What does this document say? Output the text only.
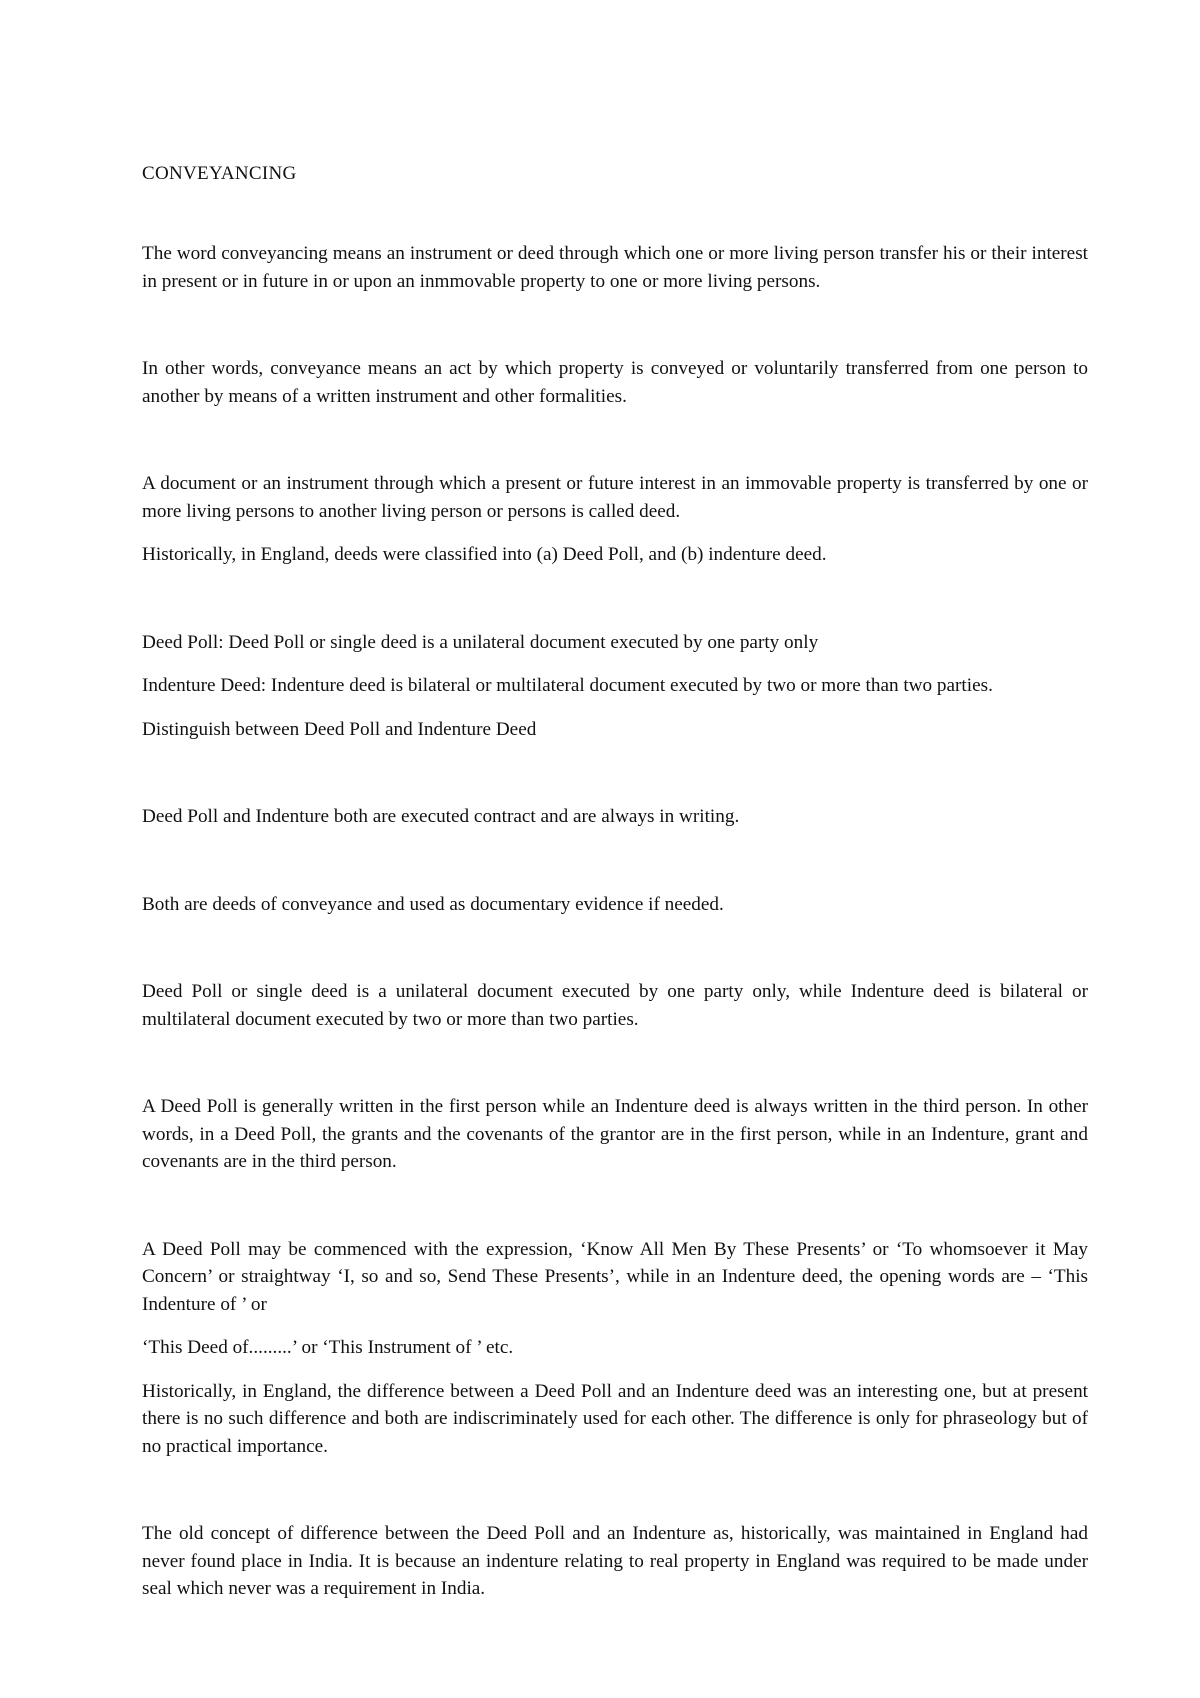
CONVEYANCING

The word conveyancing means an instrument or deed through which one or more living person transfer his or their interest in present or in future in or upon an inmmovable property to one or more living persons.

In other words, conveyance means an act by which property is conveyed or voluntarily transferred from one person to another by means of a written instrument and other formalities.

A document or an instrument through which a present or future interest in an immovable property is transferred by one or more living persons to another living person or persons is called deed.

Historically, in England, deeds were classified into (a) Deed Poll, and (b) indenture deed.

Deed Poll: Deed Poll or single deed is a unilateral document executed by one party only

Indenture Deed: Indenture deed is bilateral or multilateral document executed by two or more than two parties.

Distinguish between Deed Poll and Indenture Deed

Deed Poll and Indenture both are executed contract and are always in writing.

Both are deeds of conveyance and used as documentary evidence if needed.

Deed Poll or single deed is a unilateral document executed by one party only, while Indenture deed is bilateral or multilateral document executed by two or more than two parties.

A Deed Poll is generally written in the first person while an Indenture deed is always written in the third person. In other words, in a Deed Poll, the grants and the covenants of the grantor are in the first person, while in an Indenture, grant and covenants are in the third person.

A Deed Poll may be commenced with the expression, ‘Know All Men By These Presents’ or ‘To whomsoever it May Concern’ or straightway ‘I, so and so, Send These Presents’, while in an Indenture deed, the opening words are – ‘This Indenture of ’ or

‘This Deed of.........’ or ‘This Instrument of ’ etc.

Historically, in England, the difference between a Deed Poll and an Indenture deed was an interesting one, but at present there is no such difference and both are indiscriminately used for each other. The difference is only for phraseology but of no practical importance.

The old concept of difference between the Deed Poll and an Indenture as, historically, was maintained in England had never found place in India. It is because an indenture relating to real property in England was required to be made under seal which never was a requirement in India.
